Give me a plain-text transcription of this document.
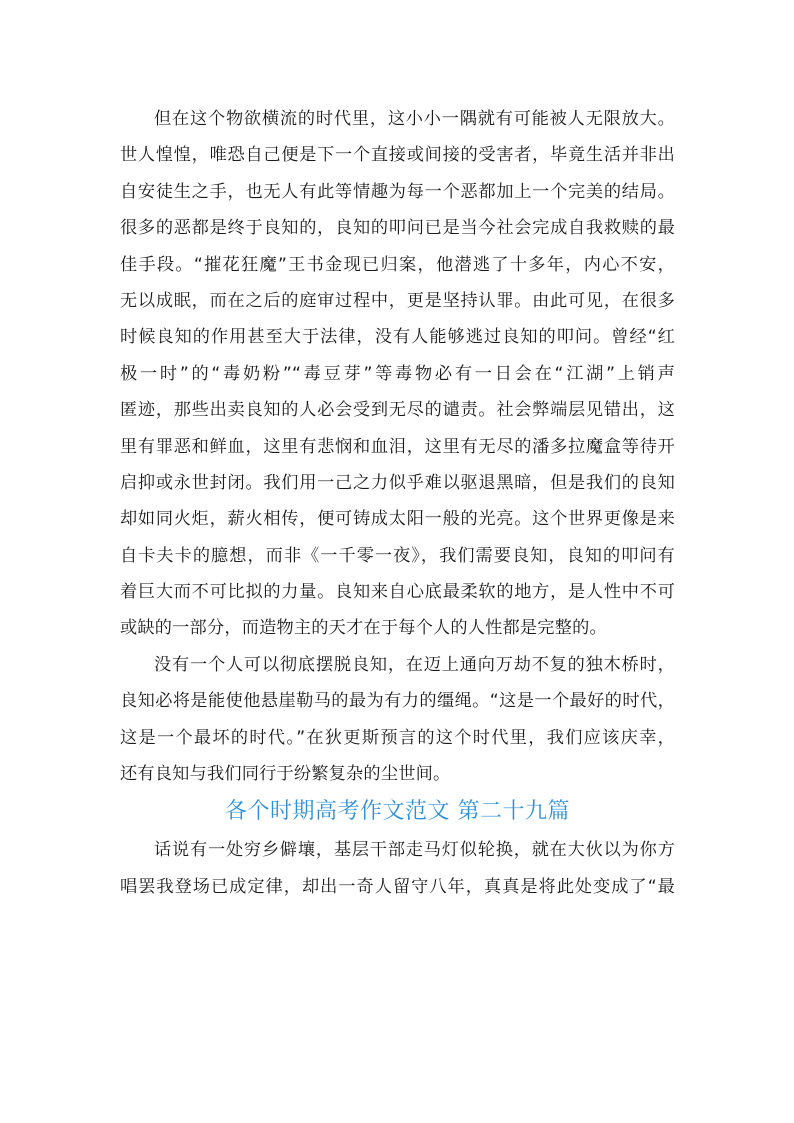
但在这个物欲横流的时代里，这小小一隅就有可能被人无限放大。
世人惶惶，唯恐自己便是下一个直接或间接的受害者，毕竟生活并非出
自安徒生之手，也无人有此等情趣为每一个恶都加上一个完美的结局。
很多的恶都是终于良知的，良知的叩问已是当今社会完成自我救赎的最
佳手段。“摧花狂魔”王书金现已归案，他潜逃了十多年，内心不安，
无以成眠，而在之后的庭审过程中，更是坚持认罪。由此可见，在很多
时候良知的作用甚至大于法律，没有人能够逃过良知的叩问。曾经“红
极一时”的“毒奶粉”“毒豆芽”等毒物必有一日会在“江湖”上销声
匿迹，那些出卖良知的人必会受到无尽的谴责。社会弊端层见错出，这
里有罪恶和鲜血，这里有悲悯和血泪，这里有无尽的潘多拉魔盒等待开
启抑或永世封闭。我们用一己之力似乎难以驱退黑暗，但是我们的良知
却如同火炬，薪火相传，便可铸成太阳一般的光亮。这个世界更像是来
自卡夫卡的臆想，而非《一千零一夜》，我们需要良知，良知的叩问有
着巨大而不可比拟的力量。良知来自心底最柔软的地方，是人性中不可
或缺的一部分，而造物主的天才在于每个人的人性都是完整的。
没有一个人可以彻底摆脱良知，在迈上通向万劫不复的独木桥时，
良知必将是能使他悬崖勒马的最为有力的缰绳。“这是一个最好的时代，
这是一个最坏的时代。”在狄更斯预言的这个时代里，我们应该庆幸，
还有良知与我们同行于纷繁复杂的尘世间。
各个时期高考作文范文 第二十九篇
话说有一处穷乡僻壤，基层干部走马灯似轮换，就在大伙以为你方
唱罢我登场已成定律，却出一奇人留守八年，真真是将此处变成了“最
